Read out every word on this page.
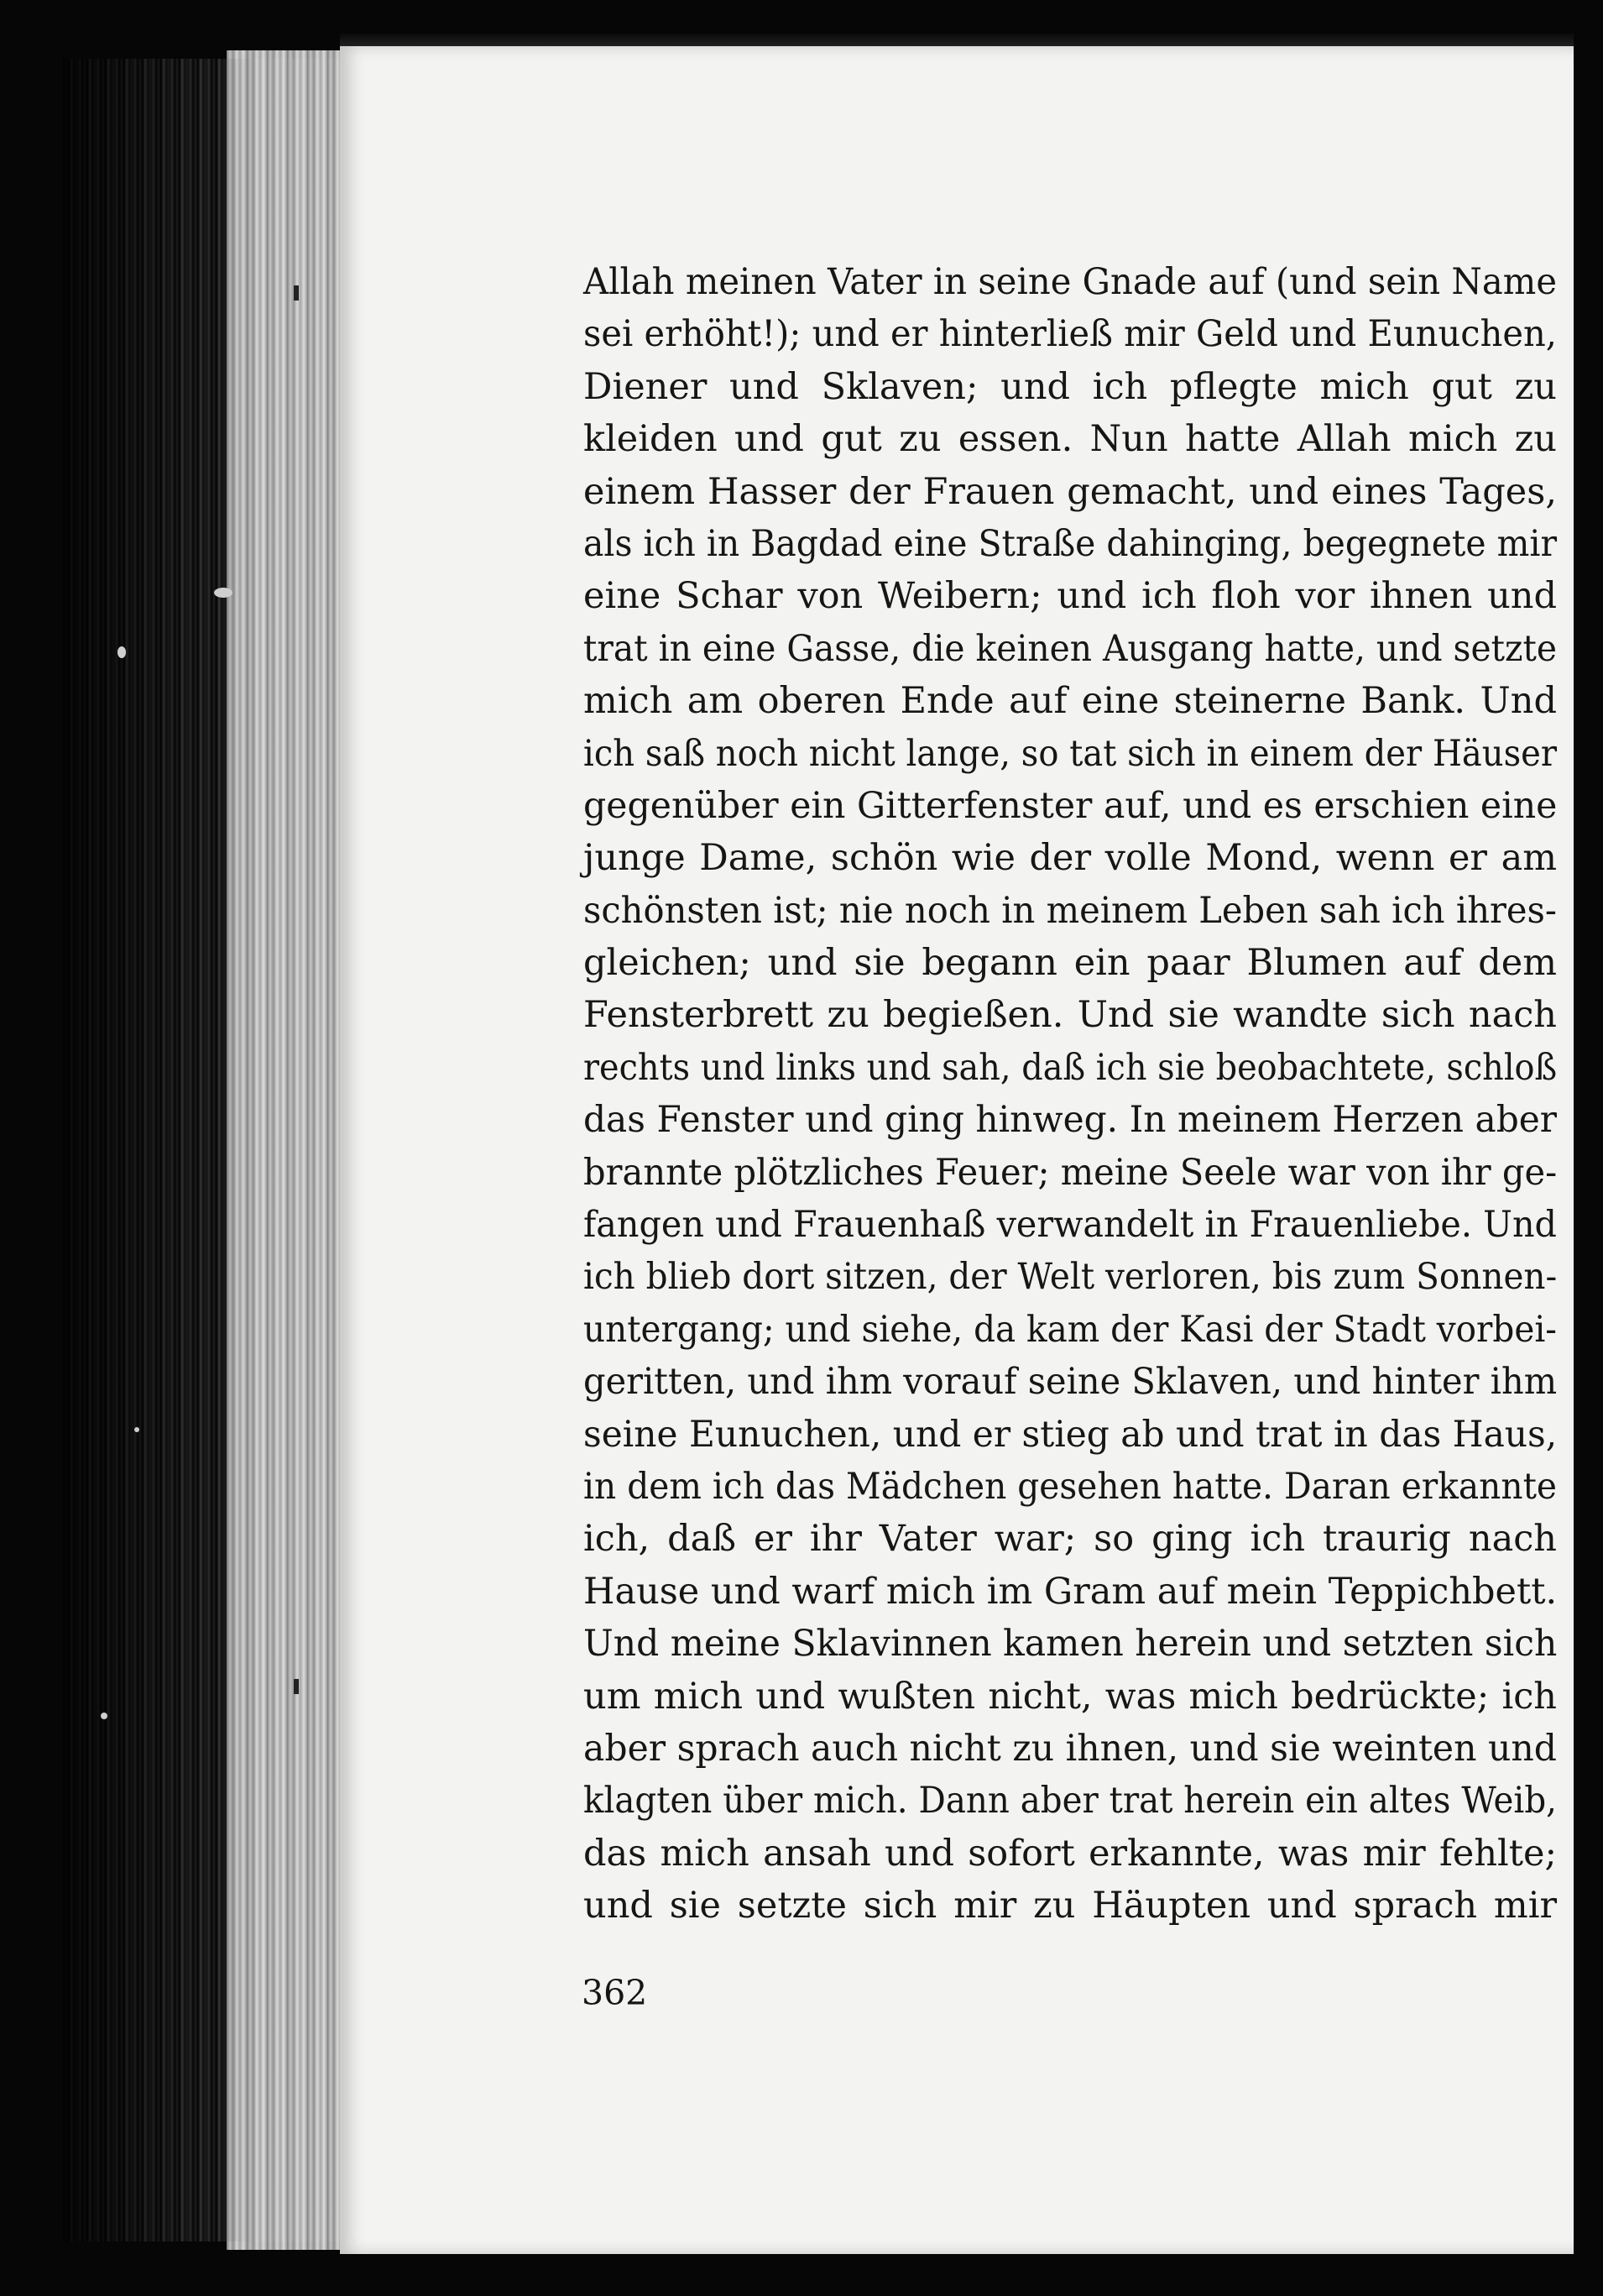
Allah meinen Vater in seine Gnade auf (und sein Name
sei erhöht!); und er hinterließ mir Geld und Eunuchen,
Diener und Sklaven; und ich pflegte mich gut zu
kleiden und gut zu essen. Nun hatte Allah mich zu
einem Hasser der Frauen gemacht, und eines Tages,
als ich in Bagdad eine Straße dahinging, begegnete mir
eine Schar von Weibern; und ich floh vor ihnen und
trat in eine Gasse, die keinen Ausgang hatte, und setzte
mich am oberen Ende auf eine steinerne Bank. Und
ich saß noch nicht lange, so tat sich in einem der Häuser
gegenüber ein Gitterfenster auf, und es erschien eine
junge Dame, schön wie der volle Mond, wenn er am
schönsten ist; nie noch in meinem Leben sah ich ihres-
gleichen; und sie begann ein paar Blumen auf dem
Fensterbrett zu begießen. Und sie wandte sich nach
rechts und links und sah, daß ich sie beobachtete, schloß
das Fenster und ging hinweg. In meinem Herzen aber
brannte plötzliches Feuer; meine Seele war von ihr ge-
fangen und Frauenhaß verwandelt in Frauenliebe. Und
ich blieb dort sitzen, der Welt verloren, bis zum Sonnen-
untergang; und siehe, da kam der Kasi der Stadt vorbei-
geritten, und ihm vorauf seine Sklaven, und hinter ihm
seine Eunuchen, und er stieg ab und trat in das Haus,
in dem ich das Mädchen gesehen hatte. Daran erkannte
ich, daß er ihr Vater war; so ging ich traurig nach
Hause und warf mich im Gram auf mein Teppichbett.
Und meine Sklavinnen kamen herein und setzten sich
um mich und wußten nicht, was mich bedrückte; ich
aber sprach auch nicht zu ihnen, und sie weinten und
klagten über mich. Dann aber trat herein ein altes Weib,
das mich ansah und sofort erkannte, was mir fehlte;
und sie setzte sich mir zu Häupten und sprach mir
362
